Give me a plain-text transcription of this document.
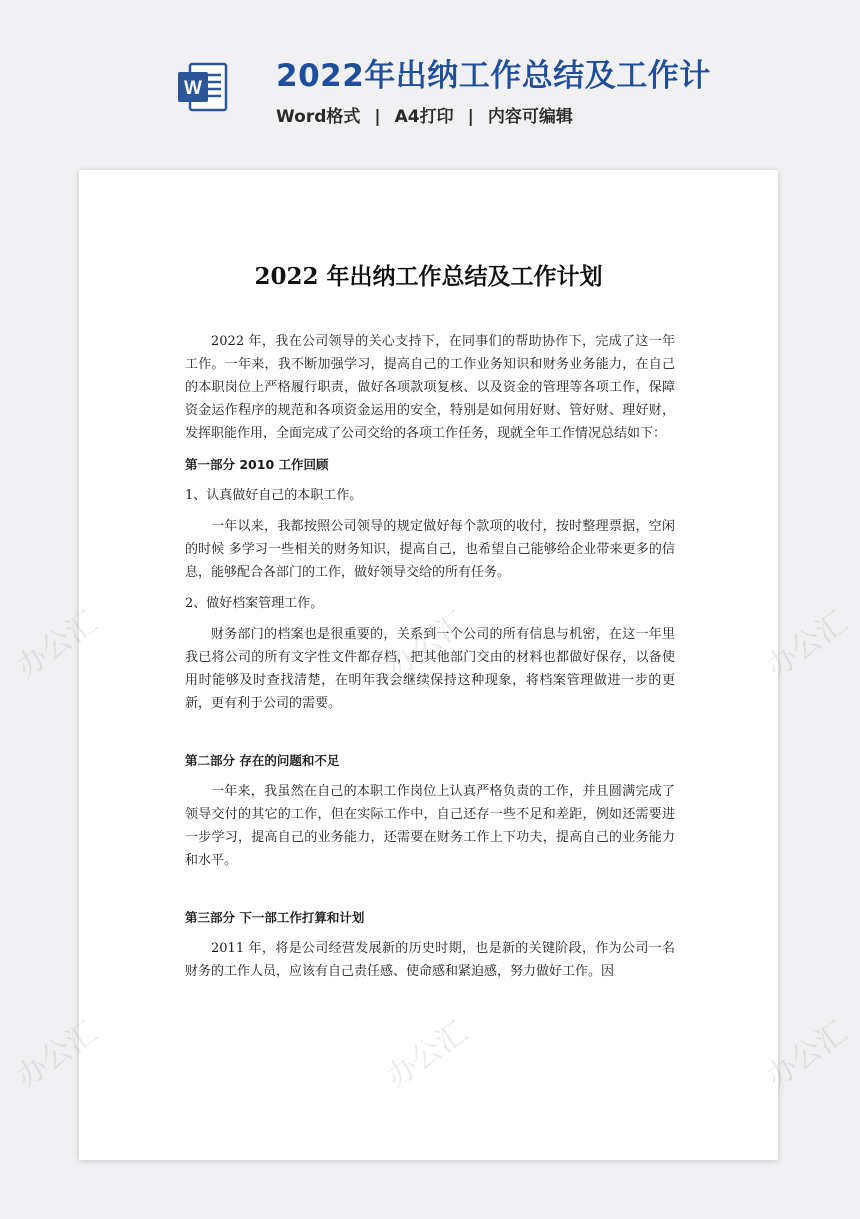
W 2022年出纳工作总结及工作计
Word格式 | A4打印 | 内容可编辑
2022 年出纳工作总结及工作计划

2022 年，我在公司领导的关心支持下，在同事们的帮助协作下，完成了这一年工作。一年来，我不断加强学习，提高自己的工作业务知识和财务业务能力，在自己的本职岗位上严格履行职责，做好各项款项复核、以及资金的管理等各项工作，保障资金运作程序的规范和各项资金运用的安全，特别是如何用好财、管好财、理好财，发挥职能作用，全面完成了公司交给的各项工作任务，现就全年工作情况总结如下：

第一部分 2010 工作回顾

1、认真做好自己的本职工作。

一年以来，我都按照公司领导的规定做好每个款项的收付，按时整理票据，空闲的时候 多学习一些相关的财务知识，提高自己，也希望自己能够给企业带来更多的信息，能够配合各部门的工作，做好领导交给的所有任务。

2、做好档案管理工作。

财务部门的档案也是很重要的，关系到一个公司的所有信息与机密，在这一年里我已将公司的所有文字性文件都存档，把其他部门交由的材料也都做好保存，以备使用时能够及时查找清楚，在明年我会继续保持这种现象，将档案管理做进一步的更新，更有利于公司的需要。

第二部分 存在的问题和不足

一年来，我虽然在自己的本职工作岗位上认真严格负责的工作，并且圆满完成了领导交付的其它的工作，但在实际工作中，自己还存一些不足和差距，例如还需要进一步学习，提高自己的业务能力，还需要在财务工作上下功夫，提高自己的业务能力和水平。

第三部分 下一部工作打算和计划

2011 年，将是公司经营发展新的历史时期，也是新的关键阶段，作为公司一名财务的工作人员，应该有自己责任感、使命感和紧迫感，努力做好工作。因

办公汇	办公汇
办公汇	办公汇
